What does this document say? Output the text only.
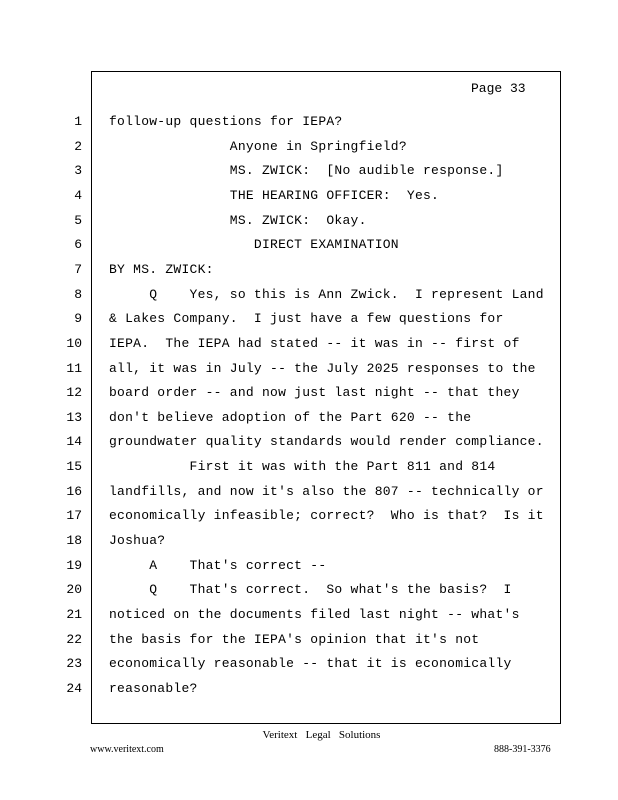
Page 33
1 follow-up questions for IEPA?
2 Anyone in Springfield?
3 MS. ZWICK:  [No audible response.]
4 THE HEARING OFFICER:  Yes.
5 MS. ZWICK:  Okay.
6 DIRECT EXAMINATION
7 BY MS. ZWICK:
8 Q    Yes, so this is Ann Zwick.  I represent Land
9 & Lakes Company.  I just have a few questions for
10 IEPA.  The IEPA had stated -- it was in -- first of
11 all, it was in July -- the July 2025 responses to the
12 board order -- and now just last night -- that they
13 don't believe adoption of the Part 620 -- the
14 groundwater quality standards would render compliance.
15 First it was with the Part 811 and 814
16 landfills, and now it's also the 807 -- technically or
17 economically infeasible; correct?  Who is that?  Is it
18 Joshua?
19 A    That's correct --
20 Q    That's correct.  So what's the basis?  I
21 noticed on the documents filed last night -- what's
22 the basis for the IEPA's opinion that it's not
23 economically reasonable -- that it is economically
24 reasonable?
Veritext   Legal   Solutions
www.veritext.com	888-391-3376
